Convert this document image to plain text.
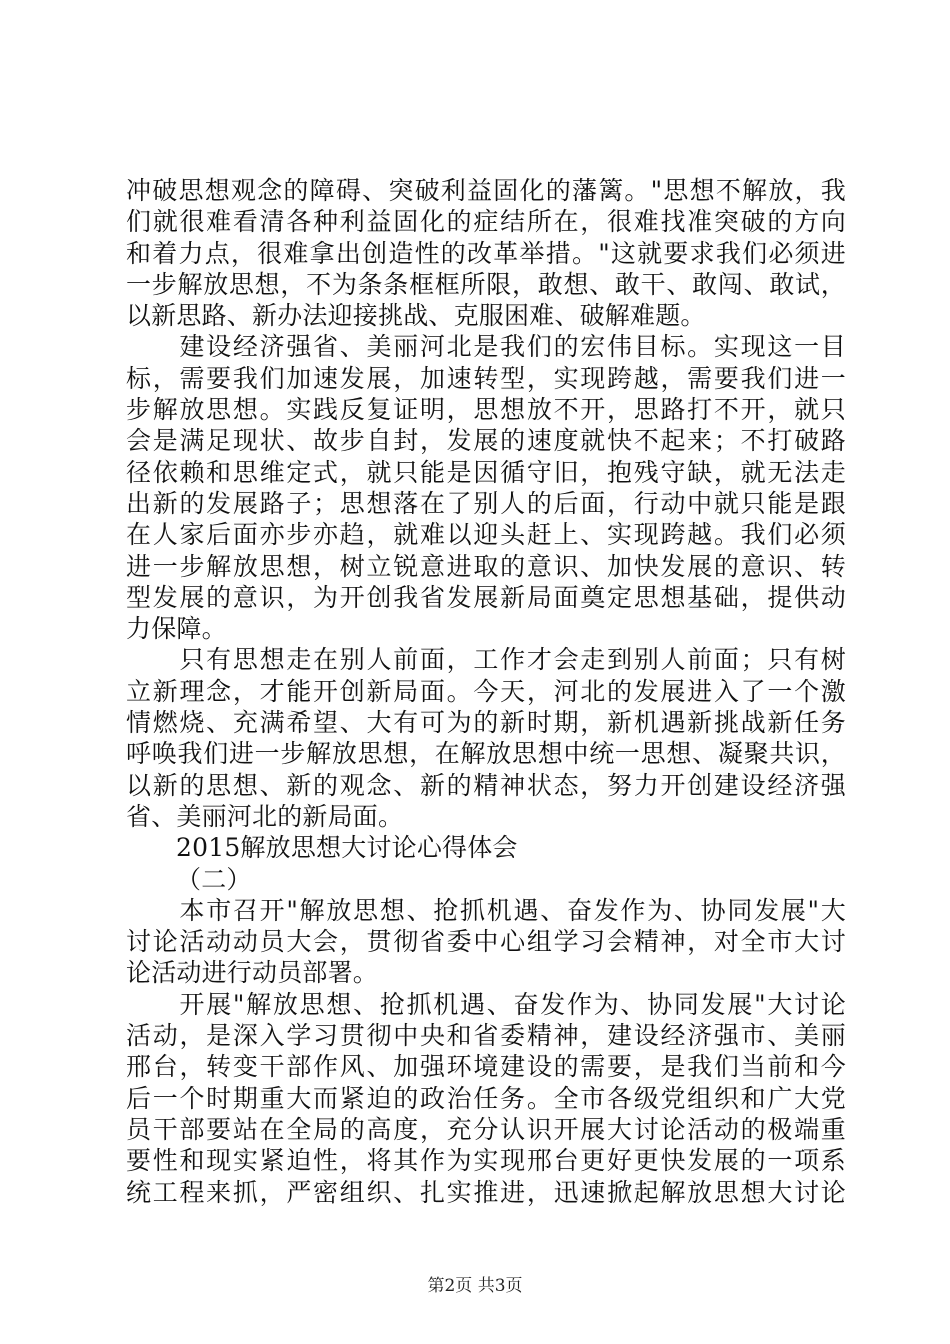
冲破思想观念的障碍、突破利益固化的藩篱。"思想不解放，我
们就很难看清各种利益固化的症结所在，很难找准突破的方向
和着力点，很难拿出创造性的改革举措。"这就要求我们必须进
一步解放思想，不为条条框框所限，敢想、敢干、敢闯、敢试，
以新思路、新办法迎接挑战、克服困难、破解难题。
　　建设经济强省、美丽河北是我们的宏伟目标。实现这一目
标，需要我们加速发展，加速转型，实现跨越，需要我们进一
步解放思想。实践反复证明，思想放不开，思路打不开，就只
会是满足现状、故步自封，发展的速度就快不起来；不打破路
径依赖和思维定式，就只能是因循守旧，抱残守缺，就无法走
出新的发展路子；思想落在了别人的后面，行动中就只能是跟
在人家后面亦步亦趋，就难以迎头赶上、实现跨越。我们必须
进一步解放思想，树立锐意进取的意识、加快发展的意识、转
型发展的意识，为开创我省发展新局面奠定思想基础，提供动
力保障。
　　只有思想走在别人前面，工作才会走到别人前面；只有树
立新理念，才能开创新局面。今天，河北的发展进入了一个激
情燃烧、充满希望、大有可为的新时期，新机遇新挑战新任务
呼唤我们进一步解放思想，在解放思想中统一思想、凝聚共识，
以新的思想、新的观念、新的精神状态，努力开创建设经济强
省、美丽河北的新局面。
2015解放思想大讨论心得体会
（二）
　　本市召开"解放思想、抢抓机遇、奋发作为、协同发展"大
讨论活动动员大会，贯彻省委中心组学习会精神，对全市大讨
论活动进行动员部署。
　　开展"解放思想、抢抓机遇、奋发作为、协同发展"大讨论
活动，是深入学习贯彻中央和省委精神，建设经济强市、美丽
邢台，转变干部作风、加强环境建设的需要，是我们当前和今
后一个时期重大而紧迫的政治任务。全市各级党组织和广大党
员干部要站在全局的高度，充分认识开展大讨论活动的极端重
要性和现实紧迫性，将其作为实现邢台更好更快发展的一项系
统工程来抓，严密组织、扎实推进，迅速掀起解放思想大讨论
第2页 共3页
